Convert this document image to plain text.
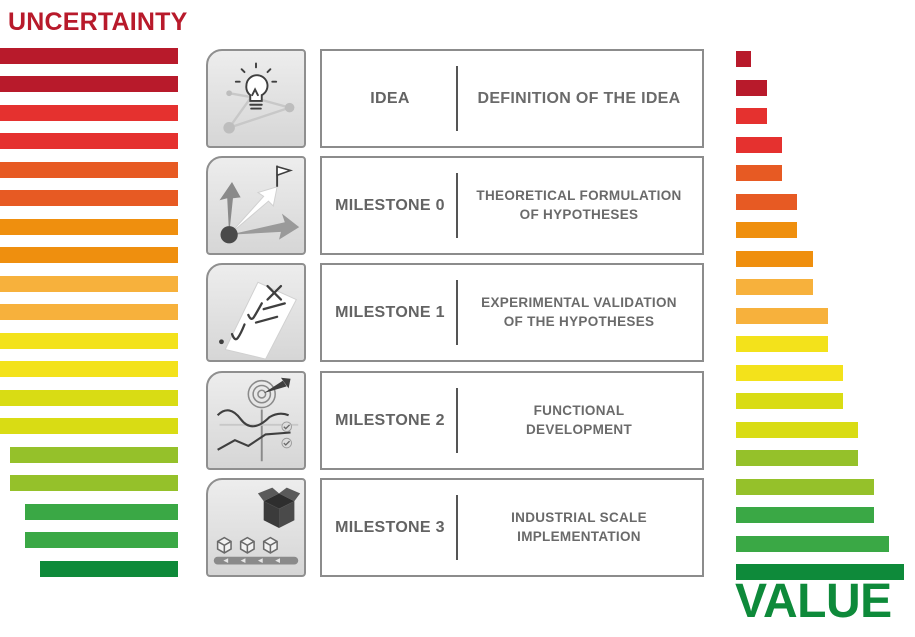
UNCERTAINTY
IDEA	DEFINITION OF THE IDEA
MILESTONE 0
THEORETICAL FORMULATION
OF HYPOTHESES
MILESTONE 1
EXPERIMENTAL VALIDATION
OF THE HYPOTHESES
MILESTONE 2
FUNCTIONAL
DEVELOPMENT
MILESTONE 3
INDUSTRIAL SCALE
IMPLEMENTATION
VALUE
